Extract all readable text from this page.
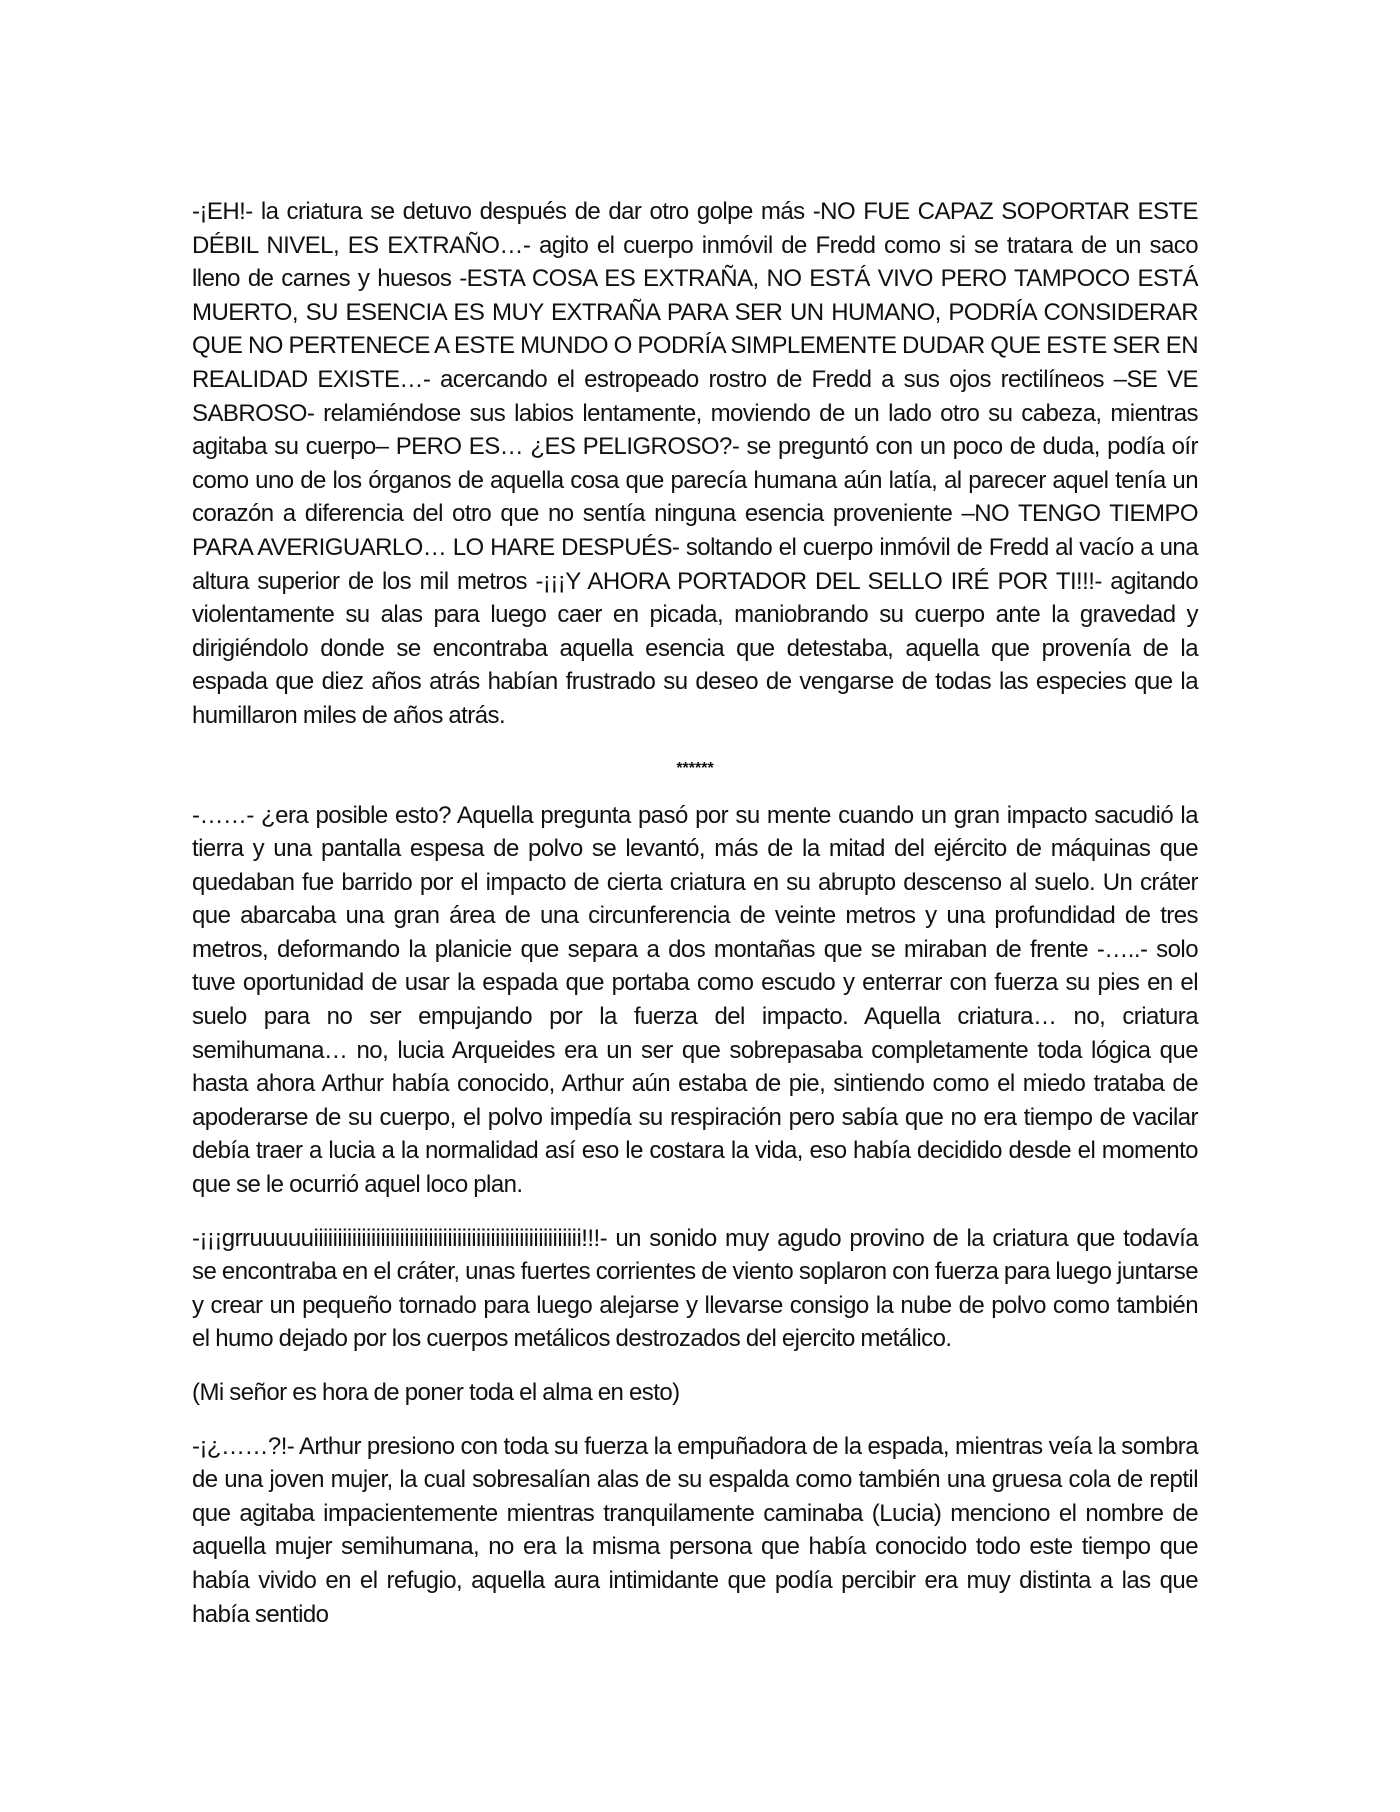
-¡EH!- la criatura se detuvo después de dar otro golpe más -NO FUE CAPAZ SOPORTAR ESTE DÉBIL NIVEL, ES EXTRAÑO…- agito el cuerpo inmóvil de Fredd como si se tratara de un saco lleno de carnes y huesos -ESTA COSA ES EXTRAÑA, NO ESTÁ VIVO PERO TAMPOCO ESTÁ MUERTO, SU ESENCIA ES MUY EXTRAÑA PARA SER UN HUMANO, PODRÍA CONSIDERAR QUE NO PERTENECE A ESTE MUNDO O PODRÍA SIMPLEMENTE DUDAR QUE ESTE SER EN REALIDAD EXISTE…- acercando el estropeado rostro de Fredd a sus ojos rectilíneos –SE VE SABROSO- relamiéndose sus labios lentamente, moviendo de un lado otro su cabeza, mientras agitaba su cuerpo– PERO ES… ¿ES PELIGROSO?- se preguntó con un poco de duda, podía oír como uno de los órganos de aquella cosa que parecía humana aún latía, al parecer aquel tenía un corazón a diferencia del otro que no sentía ninguna esencia proveniente –NO TENGO TIEMPO PARA AVERIGUARLO… LO HARE DESPUÉS- soltando el cuerpo inmóvil de Fredd al vacío a una altura superior de los mil metros -¡¡¡Y AHORA PORTADOR DEL SELLO IRÉ POR TI!!!- agitando violentamente su alas para luego caer en picada, maniobrando su cuerpo ante la gravedad y dirigiéndolo donde se encontraba aquella esencia que detestaba, aquella que provenía de la espada que diez años atrás habían frustrado su deseo de vengarse de todas las especies que la humillaron miles de años atrás.

******

-……- ¿era posible esto? Aquella pregunta pasó por su mente cuando un gran impacto sacudió la tierra y una pantalla espesa de polvo se levantó, más de la mitad del ejército de máquinas que quedaban fue barrido por el impacto de cierta criatura en su abrupto descenso al suelo. Un cráter que abarcaba una gran área de una circunferencia de veinte metros y una profundidad de tres metros, deformando la planicie que separa a dos montañas que se miraban de frente -…..- solo tuve oportunidad de usar la espada que portaba como escudo y enterrar con fuerza su pies en el suelo para no ser empujando por la fuerza del impacto. Aquella criatura… no, criatura semihumana… no, lucia Arqueides era un ser que sobrepasaba completamente toda lógica que hasta ahora Arthur había conocido, Arthur aún estaba de pie, sintiendo como el miedo trataba de apoderarse de su cuerpo, el polvo impedía su respiración pero sabía que no era tiempo de vacilar debía traer a lucia a la normalidad así eso le costara la vida, eso había decidido desde el momento que se le ocurrió aquel loco plan.

-¡¡¡grruuuuuiiiiiiiiiiiiiiiiiiiiiiiiiiiiiiiiiiiiiiiiiiiiiiiiiiiiiiii!!!- un sonido muy agudo provino de la criatura que todavía se encontraba en el cráter, unas fuertes corrientes de viento soplaron con fuerza para luego juntarse y crear un pequeño tornado para luego alejarse y llevarse consigo la nube de polvo como también el humo dejado por los cuerpos metálicos destrozados del ejercito metálico.

(Mi señor es hora de poner toda el alma en esto)

-¡¿……?!- Arthur presiono con toda su fuerza la empuñadora de la espada, mientras veía la sombra de una joven mujer, la cual sobresalían alas de su espalda como también una gruesa cola de reptil que agitaba impacientemente mientras tranquilamente caminaba (Lucia) menciono el nombre de aquella mujer semihumana, no era la misma persona que había conocido todo este tiempo que había vivido en el refugio, aquella aura intimidante que podía percibir era muy distinta a las que había sentido
